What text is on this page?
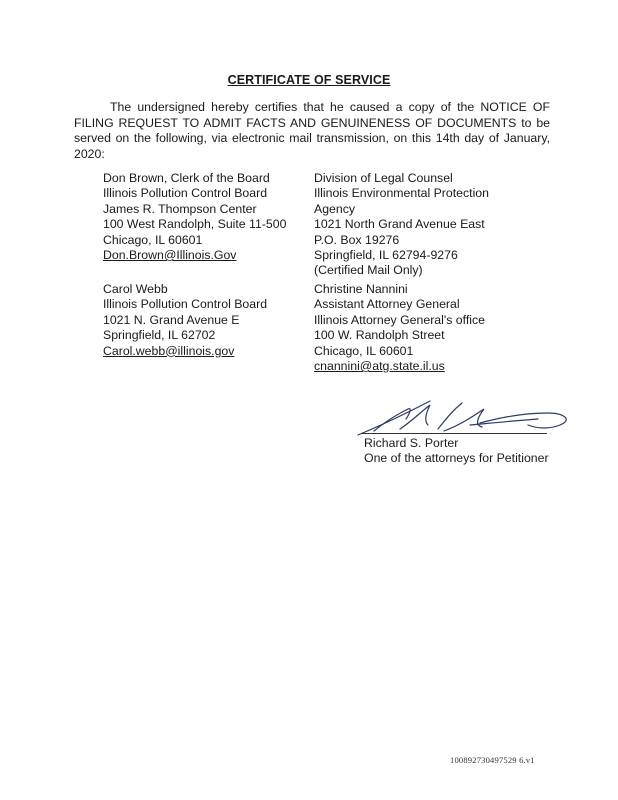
CERTIFICATE OF SERVICE
The undersigned hereby certifies that he caused a copy of the NOTICE OF FILING REQUEST TO ADMIT FACTS AND GENUINENESS OF DOCUMENTS to be served on the following, via electronic mail transmission, on this 14th day of January, 2020:
Don Brown, Clerk of the Board
Illinois Pollution Control Board
James R. Thompson Center
100 West Randolph, Suite 11-500
Chicago, IL 60601
Don.Brown@Illinois.Gov
Division of Legal Counsel
Illinois Environmental Protection
Agency
1021 North Grand Avenue East
P.O. Box 19276
Springfield, IL 62794-9276
(Certified Mail Only)
Carol Webb
Illinois Pollution Control Board
1021 N. Grand Avenue E
Springfield, IL 62702
Carol.webb@illinois.gov
Christine Nannini
Assistant Attorney General
Illinois Attorney General's office
100 W. Randolph Street
Chicago, IL 60601
cnannini@atg.state.il.us
Richard S. Porter
One of the attorneys for Petitioner
100892730497529 6.v1
